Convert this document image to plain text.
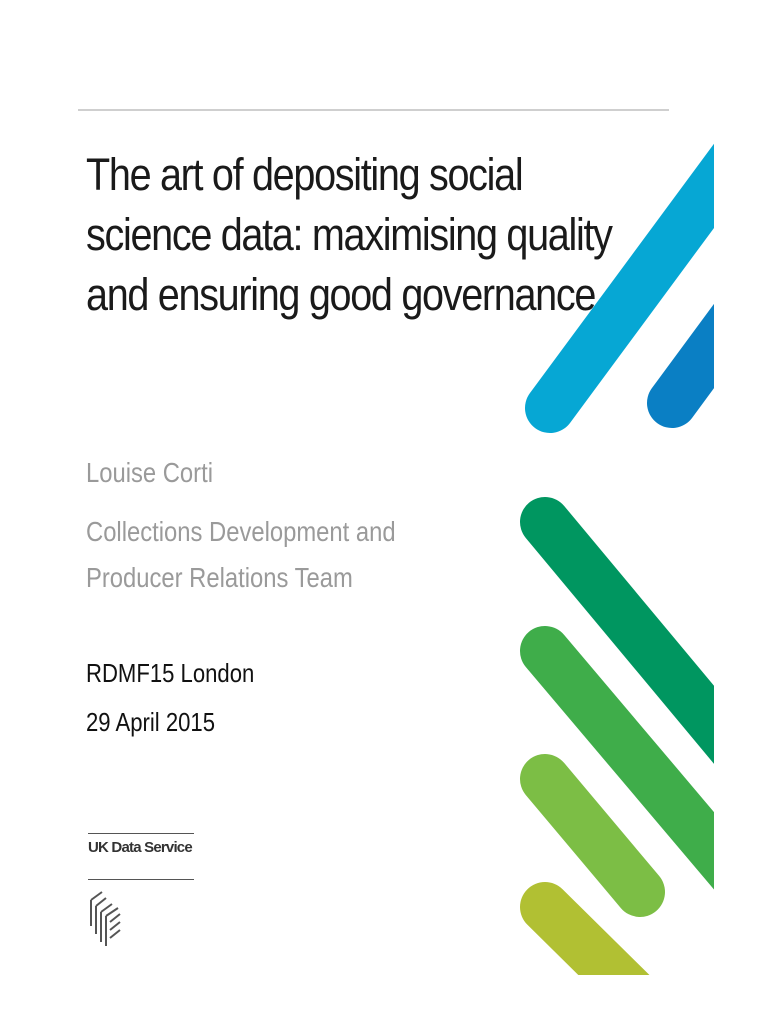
The art of depositing social
science data: maximising quality
and ensuring good governance
Louise Corti
Collections Development and
Producer Relations Team
RDMF15 London
29 April 2015
UK Data Service
